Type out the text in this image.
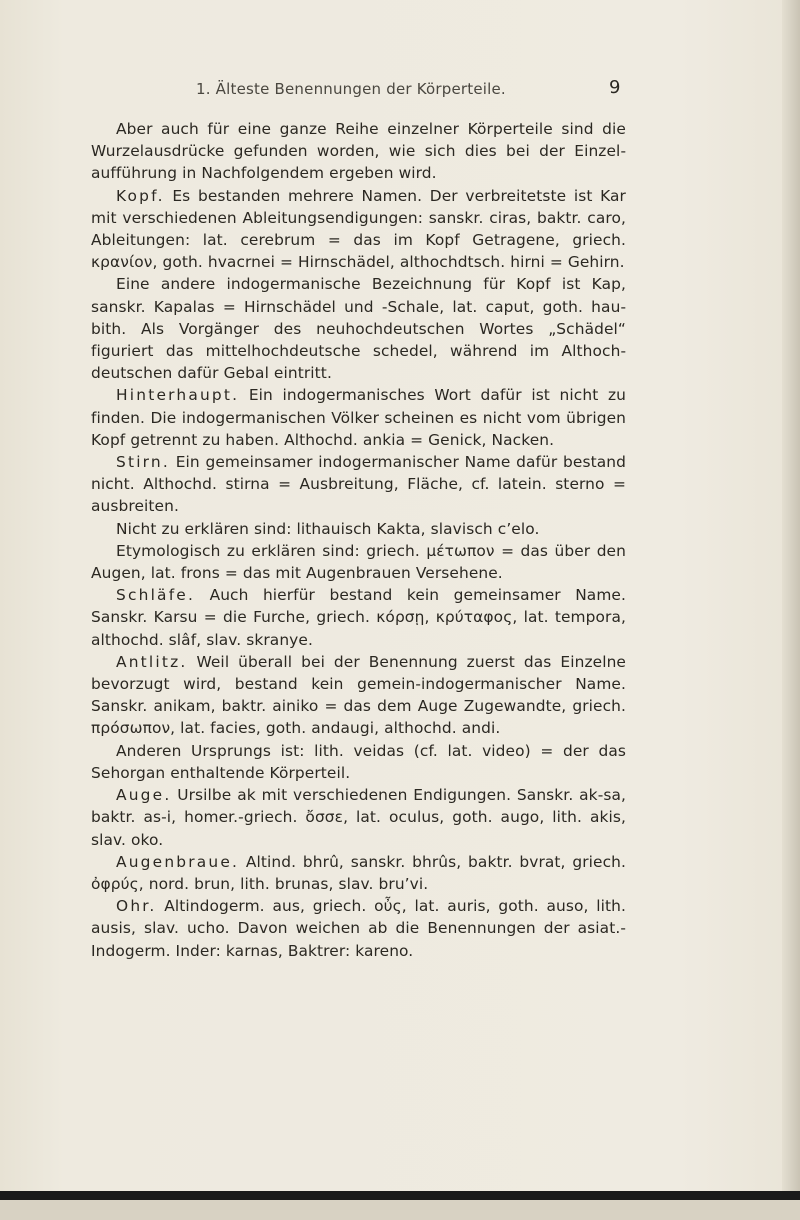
1. Älteste Benennungen der Körperteile.	9

Aber auch für eine ganze Reihe einzelner Körperteile sind die Wurzelausdrücke gefunden worden, wie sich dies bei der Einzelaufführung in Nachfolgendem ergeben wird.

Kopf. Es bestanden mehrere Namen. Der verbreitetste ist Kar mit verschiedenen Ableitungsendigungen: sanskr. ciras, baktr. caro, Ableitungen: lat. cerebrum = das im Kopf Getragene, griech. κρανίον, goth. hvacrnei = Hirnschädel, althochdtsch. hirni = Gehirn.

Eine andere indogermanische Bezeichnung für Kopf ist Kap, sanskr. Kapalas = Hirnschädel und -Schale, lat. caput, goth. haubith. Als Vorgänger des neuhochdeutschen Wortes „Schädel“ figuriert das mittelhochdeutsche schedel, während im Althochdeutschen dafür Gebal eintritt.

Hinterhaupt. Ein indogermanisches Wort dafür ist nicht zu finden. Die indogermanischen Völker scheinen es nicht vom übrigen Kopf getrennt zu haben. Althochd. ankia = Genick, Nacken.

Stirn. Ein gemeinsamer indogermanischer Name dafür bestand nicht. Althochd. stirna = Ausbreitung, Fläche, cf. latein. sterno = ausbreiten.

Nicht zu erklären sind: lithauisch Kakta, slavisch c’elo.

Etymologisch zu erklären sind: griech. μέτωπον = das über den Augen, lat. frons = das mit Augenbrauen Versehene.

Schläfe. Auch hierfür bestand kein gemeinsamer Name. Sanskr. Karsu = die Furche, griech. κόρσῃ, κρύταφος, lat. tempora, althochd. slâf, slav. skranye.

Antlitz. Weil überall bei der Benennung zuerst das Einzelne bevorzugt wird, bestand kein gemein-indogermanischer Name. Sanskr. anikam, baktr. ainiko = das dem Auge Zugewandte, griech. πρόσωπον, lat. facies, goth. andaugi, althochd. andi.

Anderen Ursprungs ist: lith. veidas (cf. lat. video) = der das Sehorgan enthaltende Körperteil.

Auge. Ursilbe ak mit verschiedenen Endigungen. Sanskr. ak-sa, baktr. as-i, homer.-griech. ὄσσε, lat. oculus, goth. augo, lith. akis, slav. oko.

Augenbraue. Altind. bhrû, sanskr. bhrûs, baktr. bvrat, griech. ὀφρύς, nord. brun, lith. brunas, slav. bru’vi.

Ohr. Altindogerm. aus, griech. οὖς, lat. auris, goth. auso, lith. ausis, slav. ucho. Davon weichen ab die Benennungen der asiat.-Indogerm. Inder: karnas, Baktrer: kareno.
